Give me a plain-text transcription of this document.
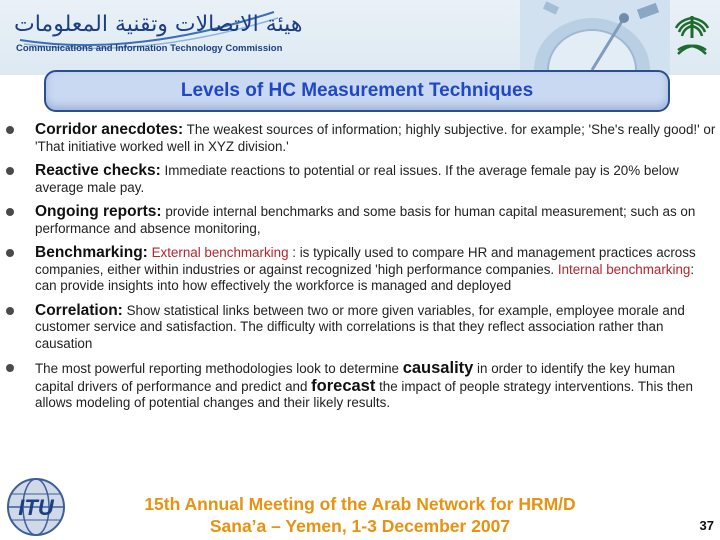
هيئة الاتصالات وتقنية المعلومات
Communications and Information Technology Commission
Levels of HC Measurement Techniques
Corridor anecdotes: The weakest sources of information; highly subjective. for example; 'She's really good!' or 'That initiative worked well in XYZ division.'
Reactive checks: Immediate reactions to potential or real issues. If the average female pay is 20% below average male pay.
Ongoing reports: provide internal benchmarks and some basis for human capital measurement; such as on performance and absence monitoring,
Benchmarking: External benchmarking : is typically used to compare HR and management practices across companies, either within industries or against recognized 'high performance companies. Internal benchmarking: can provide insights into how effectively the workforce is managed and deployed
Correlation: Show statistical links between two or more given variables, for example, employee morale and customer service and satisfaction. The difficulty with correlations is that they reflect association rather than causation
The most powerful reporting methodologies look to determine causality in order to identify the key human capital drivers of performance and predict and forecast the impact of people strategy interventions. This then allows modeling of potential changes and their likely results.
ITU	15th Annual Meeting of the Arab Network for HRM/D
Sana’a – Yemen, 1-3 December 2007	37
